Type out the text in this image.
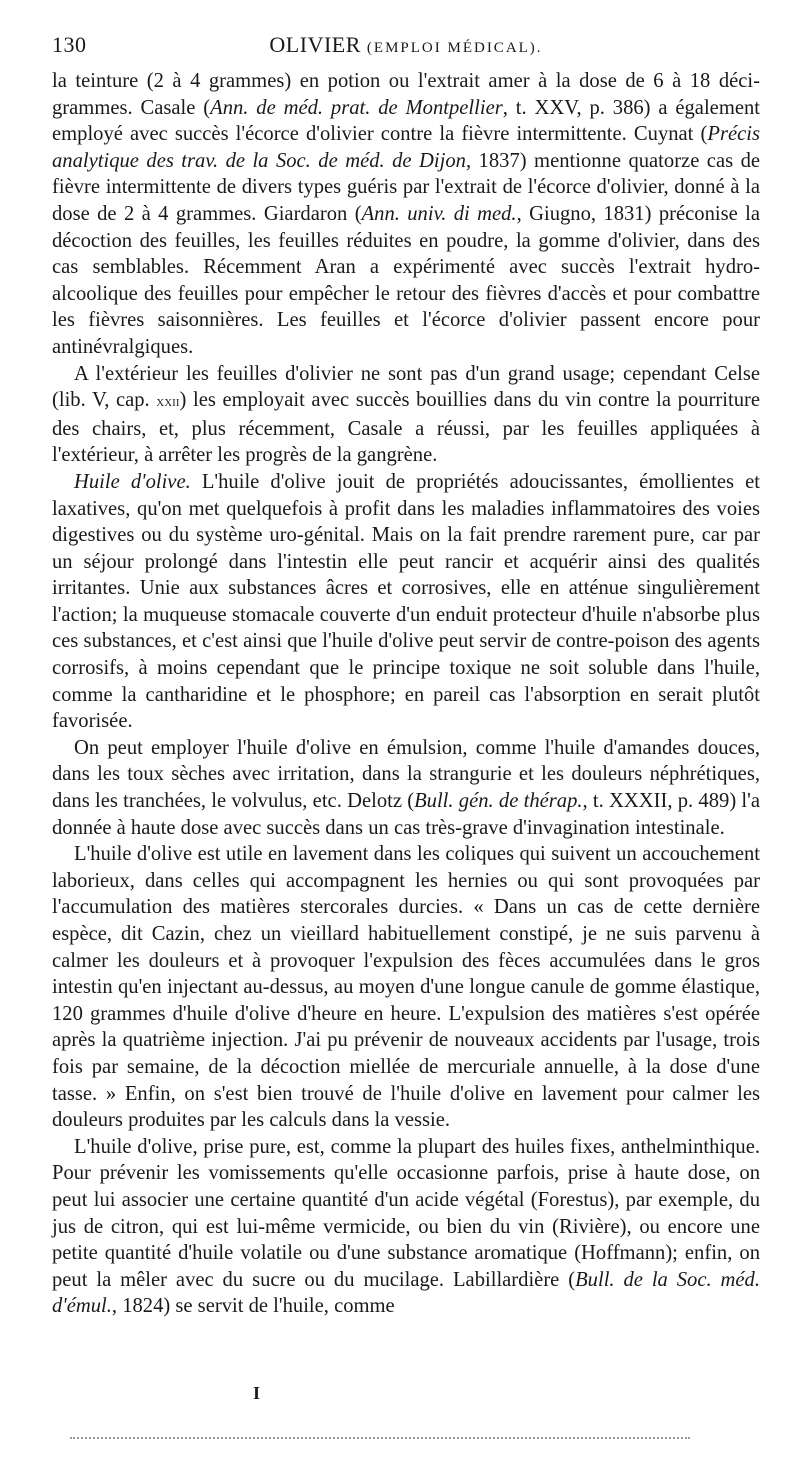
130	OLIVIER (EMPLOI MÉDICAL).

la teinture (2 à 4 grammes) en potion ou l'extrait amer à la dose de 6 à 18 déci-grammes. Casale (Ann. de méd. prat. de Montpellier, t. XXV, p. 386) a également employé avec succès l'écorce d'olivier contre la fièvre intermittente. Cuynat (Précis analytique des trav. de la Soc. de méd. de Dijon, 1837) mentionne quatorze cas de fièvre intermittente de divers types guéris par l'extrait de l'écorce d'olivier, donné à la dose de 2 à 4 grammes. Giardaron (Ann. univ. di med., Giugno, 1831) préconise la décoction des feuilles, les feuilles réduites en poudre, la gomme d'olivier, dans des cas semblables. Récemment Aran a expérimenté avec succès l'extrait hydro-alcoolique des feuilles pour empêcher le retour des fièvres d'accès et pour combattre les fièvres saisonnières. Les feuilles et l'écorce d'olivier passent encore pour antinévralgiques.

A l'extérieur les feuilles d'olivier ne sont pas d'un grand usage; cependant Celse (lib. V, cap. xxii) les employait avec succès bouillies dans du vin contre la pourriture des chairs, et, plus récemment, Casale a réussi, par les feuilles appliquées à l'extérieur, à arrêter les progrès de la gangrène.

Huile d'olive. L'huile d'olive jouit de propriétés adoucissantes, émollientes et laxatives, qu'on met quelquefois à profit dans les maladies inflammatoires des voies digestives ou du système uro-génital. Mais on la fait prendre rarement pure, car par un séjour prolongé dans l'intestin elle peut rancir et acquérir ainsi des qualités irritantes. Unie aux substances âcres et corrosives, elle en atténue singulièrement l'action; la muqueuse stomacale couverte d'un enduit protecteur d'huile n'absorbe plus ces substances, et c'est ainsi que l'huile d'olive peut servir de contre-poison des agents corrosifs, à moins cependant que le principe toxique ne soit soluble dans l'huile, comme la cantharidine et le phosphore; en pareil cas l'absorption en serait plutôt favorisée.

On peut employer l'huile d'olive en émulsion, comme l'huile d'amandes douces, dans les toux sèches avec irritation, dans la strangurie et les douleurs néphrétiques, dans les tranchées, le volvulus, etc. Delotz (Bull. gén. de thérap., t. XXXII, p. 489) l'a donnée à haute dose avec succès dans un cas très-grave d'invagination intestinale.

L'huile d'olive est utile en lavement dans les coliques qui suivent un accouchement laborieux, dans celles qui accompagnent les hernies ou qui sont provoquées par l'accumulation des matières stercorales durcies. « Dans un cas de cette dernière espèce, dit Cazin, chez un vieillard habituellement constipé, je ne suis parvenu à calmer les douleurs et à provoquer l'expulsion des fèces accumulées dans le gros intestin qu'en injectant au-dessus, au moyen d'une longue canule de gomme élastique, 120 grammes d'huile d'olive d'heure en heure. L'expulsion des matières s'est opérée après la quatrième injection. J'ai pu prévenir de nouveaux accidents par l'usage, trois fois par semaine, de la décoction miellée de mercuriale annuelle, à la dose d'une tasse. » Enfin, on s'est bien trouvé de l'huile d'olive en lavement pour calmer les douleurs produites par les calculs dans la vessie.

L'huile d'olive, prise pure, est, comme la plupart des huiles fixes, anthelminthique. Pour prévenir les vomissements qu'elle occasionne parfois, prise à haute dose, on peut lui associer une certaine quantité d'un acide végétal (Forestus), par exemple, du jus de citron, qui est lui-même vermicide, ou bien du vin (Rivière), ou encore une petite quantité d'huile volatile ou d'une substance aromatique (Hoffmann); enfin, on peut la mêler avec du sucre ou du mucilage. Labillardière (Bull. de la Soc. méd. d'émul., 1824) se servit de l'huile, comme

I
